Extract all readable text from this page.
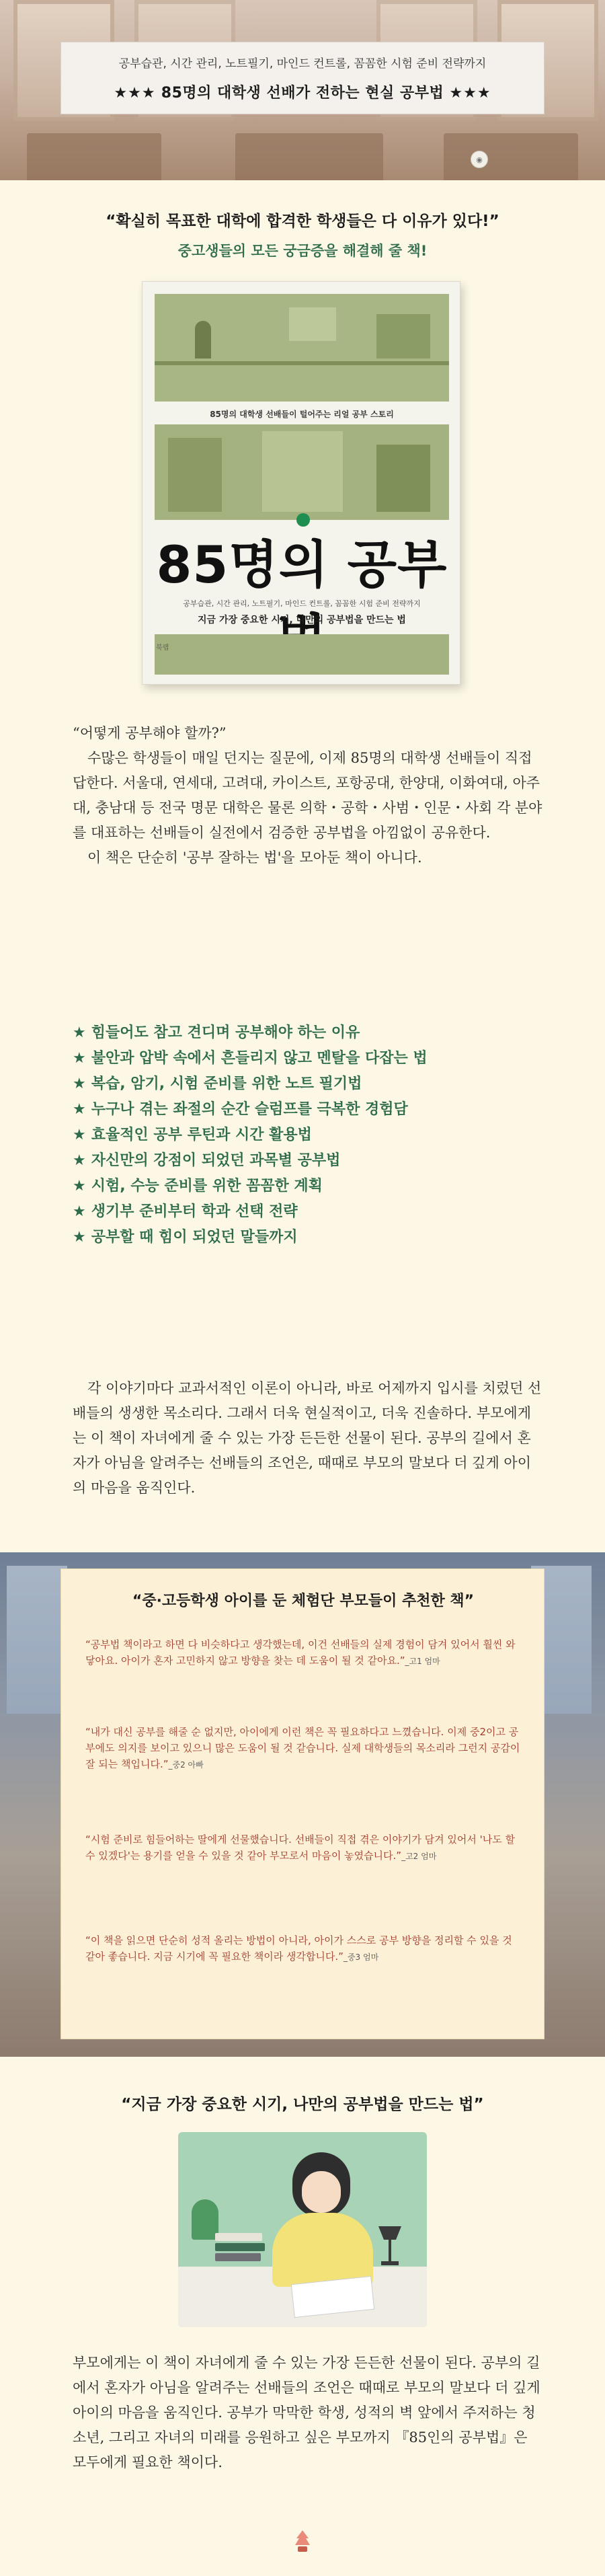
공부습관, 시간 관리, 노트필기, 마인드 컨트롤, 꼼꼼한 시험 준비 전략까지
★★★ 85명의 대학생 선배가 전하는 현실 공부법 ★★★
◉
“확실히 목표한 대학에 합격한 학생들은 다 이유가 있다!”
중고생들의 모든 궁금증을 해결해 줄 책!
85명의 대학생 선배들이 털어주는 리얼 공부 스토리
85명의 공부
공부습관, 시간 관리, 노트필기, 마인드 컨트롤, 꼼꼼한 시험 준비 전략까지
지금 가장 중요한 시기, 나만의 공부법을 만드는 법
북랩

“어떻게 공부해야 할까?”

수많은 학생들이 매일 던지는 질문에, 이제 85명의 대학생 선배들이 직접 답한다. 서울대, 연세대, 고려대, 카이스트, 포항공대, 한양대, 이화여대, 아주대, 충남대 등 전국 명문 대학은 물론 의학・공학・사범・인문・사회 각 분야를 대표하는 선배들이 실전에서 검증한 공부법을 아낌없이 공유한다.

이 책은 단순히 '공부 잘하는 법'을 모아둔 책이 아니다.

★ 힘들어도 참고 견디며 공부해야 하는 이유
★ 불안과 압박 속에서 흔들리지 않고 멘탈을 다잡는 법
★ 복습, 암기, 시험 준비를 위한 노트 필기법
★ 누구나 겪는 좌절의 순간 슬럼프를 극복한 경험담
★ 효율적인 공부 루틴과 시간 활용법
★ 자신만의 강점이 되었던 과목별 공부법
★ 시험, 수능 준비를 위한 꼼꼼한 계획
★ 생기부 준비부터 학과 선택 전략
★ 공부할 때 힘이 되었던 말들까지

각 이야기마다 교과서적인 이론이 아니라, 바로 어제까지 입시를 치렀던 선배들의 생생한 목소리다. 그래서 더욱 현실적이고, 더욱 진솔하다. 부모에게는 이 책이 자녀에게 줄 수 있는 가장 든든한 선물이 된다. 공부의 길에서 혼자가 아님을 알려주는 선배들의 조언은, 때때로 부모의 말보다 더 깊게 아이의 마음을 움직인다.

“중·고등학생 아이를 둔 체험단 부모들이 추천한 책”
“공부법 책이라고 하면 다 비슷하다고 생각했는데, 이건 선배들의 실제 경험이 담겨 있어서 훨씬 와닿아요. 아이가 혼자 고민하지 않고 방향을 찾는 데 도움이 될 것 같아요.”_고1 엄마
“내가 대신 공부를 해줄 순 없지만, 아이에게 이런 책은 꼭 필요하다고 느꼈습니다. 이제 중2이고 공부에도 의지를 보이고 있으니 많은 도움이 될 것 같습니다. 실제 대학생들의 목소리라 그런지 공감이 잘 되는 책입니다.”_중2 아빠
“시험 준비로 힘들어하는 딸에게 선물했습니다. 선배들이 직접 겪은 이야기가 담겨 있어서 '나도 할 수 있겠다'는 용기를 얻을 수 있을 것 같아 부모로서 마음이 놓였습니다.”_고2 엄마
“이 책을 읽으면 단순히 성적 올리는 방법이 아니라, 아이가 스스로 공부 방향을 정리할 수 있을 것 같아 좋습니다. 지금 시기에 꼭 필요한 책이라 생각합니다.”_중3 엄마
“지금 가장 중요한 시기, 나만의 공부법을 만드는 법”

부모에게는 이 책이 자녀에게 줄 수 있는 가장 든든한 선물이 된다. 공부의 길에서 혼자가 아님을 알려주는 선배들의 조언은 때때로 부모의 말보다 더 깊게 아이의 마음을 움직인다. 공부가 막막한 학생, 성적의 벽 앞에서 주저하는 청소년, 그리고 자녀의 미래를 응원하고 싶은 부모까지 『85인의 공부법』은 모두에게 필요한 책이다.
